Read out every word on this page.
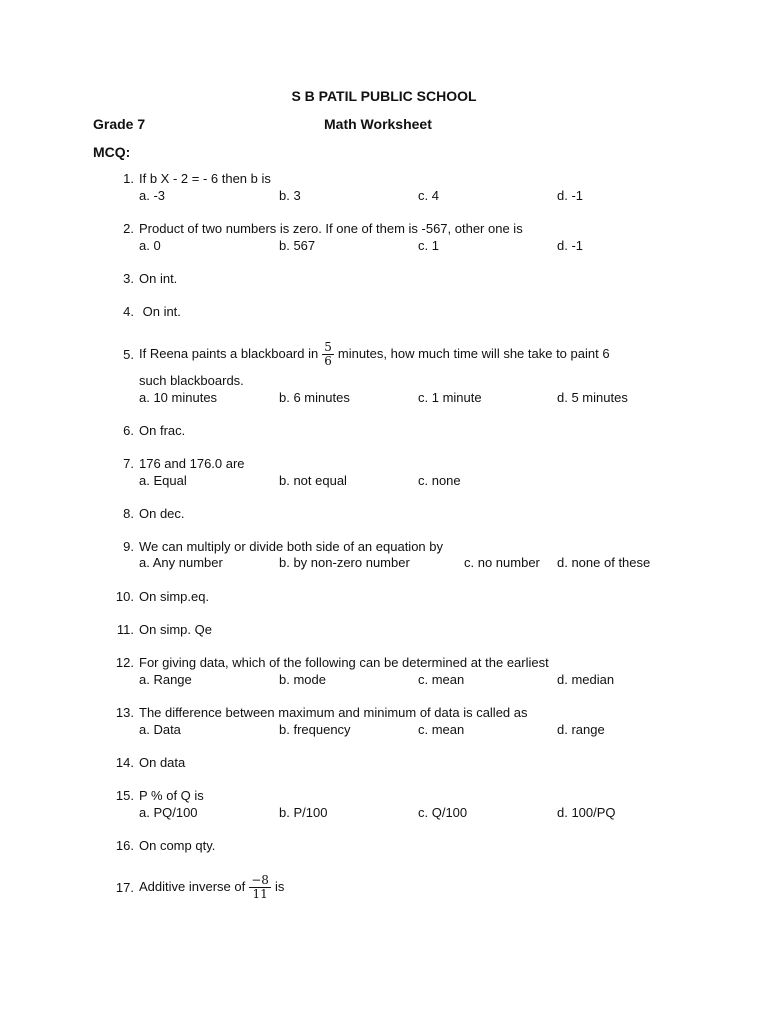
S B PATIL PUBLIC SCHOOL
Grade 7	Math Worksheet
MCQ:
1. If b X - 2 = - 6 then b is
a. -3	b. 3	c. 4	d. -1
2. Product of two numbers is zero. If one of them is -567, other one is
a. 0	b. 567	c. 1	d. -1
3. On int.
4. On int.
5. If Reena paints a blackboard in $\frac{5}{6}$ minutes, how much time will she take to paint 6
such blackboards.
a. 10 minutes	b. 6 minutes	c. 1 minute	d. 5 minutes
6. On frac.
7. 176 and 176.0 are
a. Equal	b. not equal	c. none
8. On dec.
9. We can multiply or divide both side of an equation by
a. Any number	b. by non-zero number	c. no number d. none of these
10. On simp.eq.
11. On simp. Qe
12. For giving data, which of the following can be determined at the earliest
a. Range	b. mode	c. mean	d. median
13. The difference between maximum and minimum of data is called as
a. Data	b. frequency	c. mean	d. range
14. On data
15. P % of Q is
a. PQ/100	b. P/100	c. Q/100	d. 100/PQ
16. On comp qty.
17. Additive inverse of $\frac{-8}{11}$ is
